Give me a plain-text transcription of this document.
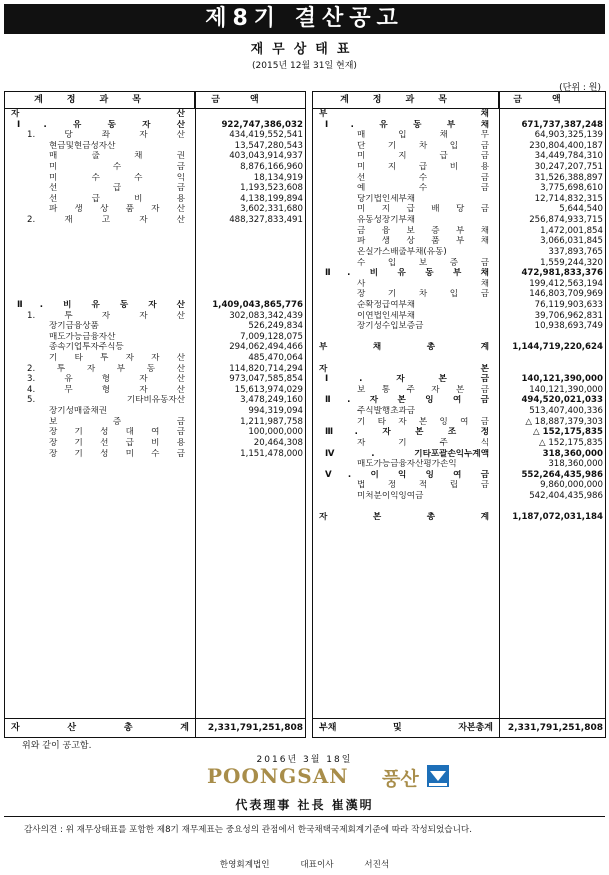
제8기 결산공고
재무상태표
(2015년 12월 31일 현재)
(단위 : 원)
계정과목	금액
자 산
Ⅰ. 유 동 자 산	922,747,386,032
1. 당 좌 자 산	434,419,552,541
현금및현금성자산	13,547,280,543
매 출 채 권	403,043,914,937
미 수 금	8,876,166,960
미 수 수 익	18,134,919
선 급 금	1,193,523,608
선 급 비 용	4,138,199,894
파 생 상 품 자 산	3,602,331,680
2. 재 고 자 산	488,327,833,491
Ⅱ. 비 유 동 자 산	1,409,043,865,776
1. 투 자 자 산	302,083,342,439
장기금융상품	526,249,834
매도가능금융자산	7,009,128,075
종속기업투자주식등	294,062,494,466
기 타 투 자 자 산	485,470,064
2. 투 자 부 동 산	114,820,714,294
3. 유 형 자 산	973,047,585,854
4. 무 형 자 산	15,613,974,029
5. 기타비유동자산	3,478,249,160
장기성매출채권	994,319,094
보 증 금	1,211,987,758
장 기 성 대 여 금	100,000,000
장 기 선 급 비 용	20,464,308
장 기 성 미 수 금	1,151,478,000
자 산 총 계	2,331,791,251,808
계정과목	금액
부 채
Ⅰ. 유 동 부 채	671,737,387,248
매 입 채 무	64,903,325,139
단 기 차 입 금	230,804,400,187
미 지 급 금	34,449,784,310
미 지 급 비 용	30,247,207,751
선 수 금	31,526,388,897
예 수 금	3,775,698,610
당기법인세부채	12,714,832,315
미 지 급 배 당 금	5,644,540
유동성장기부채	256,874,933,715
금 융 보 증 부 채	1,472,001,854
파 생 상 품 부 채	3,066,031,845
온실가스배출부채(유동)	337,893,765
수 입 보 증 금	1,559,244,320
Ⅱ. 비 유 동 부 채	472,981,833,376
사 채	199,412,563,194
장 기 차 입 금	146,803,709,969
순확정급여부채	76,119,903,633
이연법인세부채	39,706,962,831
장기성수입보증금	10,938,693,749
부 채 총 계	1,144,719,220,624
자 본
Ⅰ. 자 본 금	140,121,390,000
보 통 주 자 본 금	140,121,390,000
Ⅱ. 자 본 잉 여 금	494,520,021,033
주식발행초과금	513,407,400,336
기 타 자 본 잉 여 금	△ 18,887,379,303
Ⅲ. 자 본 조 정	△ 152,175,835
자 기 주 식	△ 152,175,835
Ⅳ. 기타포괄손익누계액	318,360,000
매도가능금융자산평가손익	318,360,000
Ⅴ. 이 익 잉 여 금	552,264,435,986
법 정 적 립 금	9,860,000,000
미처분이익잉여금	542,404,435,986
자 본 총 계	1,187,072,031,184
부채 및 자본총계	2,331,791,251,808
위와 같이 공고함.
2016년 3월 18일
POONGSAN 풍산
代表理事 社長 崔漢明
감사의견 : 위 재무상태표를 포함한 제8기 재무제표는 중요성의 관점에서 한국채택국제회계기준에 따라 작성되었습니다.
한영회계법인	대표이사	서진석
